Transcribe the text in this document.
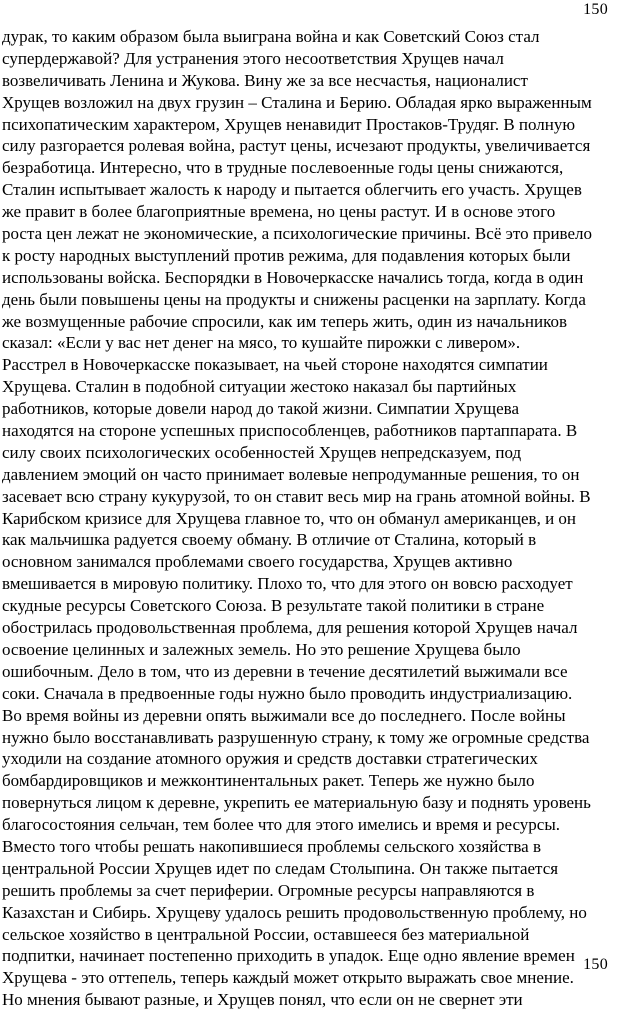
150
дурак, то каким образом была выиграна война и как Советский Союз стал
супердержавой? Для устранения этого несоответствия Хрущев начал
возвеличивать Ленина и Жукова. Вину же за все несчастья, националист
Хрущев возложил на двух грузин – Сталина и Берию. Обладая ярко выраженным
психопатическим характером, Хрущев ненавидит Простаков-Трудяг. В полную
силу разгорается ролевая война, растут цены, исчезают продукты, увеличивается
безработица. Интересно, что в трудные послевоенные годы цены снижаются,
Сталин испытывает жалость к народу и пытается облегчить его участь. Хрущев
же правит в более благоприятные времена, но цены растут. И в основе этого
роста цен лежат не экономические, а психологические причины. Всё это привело
к росту народных выступлений против режима, для подавления которых были
использованы войска. Беспорядки в Новочеркасске начались тогда, когда в один
день были повышены цены на продукты и снижены расценки на зарплату. Когда
же возмущенные рабочие спросили, как им теперь жить, один из начальников
сказал: «Если у вас нет денег на мясо, то кушайте пирожки с ливером».
Расстрел в Новочеркасске показывает, на чьей стороне находятся симпатии
Хрущева. Сталин в подобной ситуации жестоко наказал бы партийных
работников, которые довели народ до такой жизни. Симпатии Хрущева
находятся на стороне успешных приспособленцев, работников партаппарата. В
силу своих психологических особенностей Хрущев непредсказуем, под
давлением эмоций он часто принимает волевые непродуманные решения, то он
засевает всю страну кукурузой, то он ставит весь мир на грань атомной войны. В
Карибском кризисе для Хрущева главное то, что он обманул американцев, и он
как мальчишка радуется своему обману. В отличие от Сталина, который в
основном занимался проблемами своего государства, Хрущев активно
вмешивается в мировую политику. Плохо то, что для этого он вовсю расходует
скудные ресурсы Советского Союза. В результате такой политики в стране
обострилась продовольственная проблема, для решения которой Хрущев начал
освоение целинных и залежных земель. Но это решение Хрущева было
ошибочным. Дело в том, что из деревни в течение десятилетий выжимали все
соки. Сначала в предвоенные годы нужно было проводить индустриализацию.
Во время войны из деревни опять выжимали все до последнего. После войны
нужно было восстанавливать разрушенную страну, к тому же огромные средства
уходили на создание атомного оружия и средств доставки стратегических
бомбардировщиков и межконтинентальных ракет. Теперь же нужно было
повернуться лицом к деревне, укрепить ее материальную базу и поднять уровень
благосостояния сельчан, тем более что для этого имелись и время и ресурсы.
Вместо того чтобы решать накопившиеся проблемы сельского хозяйства в
центральной России Хрущев идет по следам Столыпина. Он также пытается
решить проблемы за счет периферии. Огромные ресурсы направляются в
Казахстан и Сибирь. Хрущеву удалось решить продовольственную проблему, но
сельское хозяйство в центральной России, оставшееся без материальной
подпитки, начинает постепенно приходить в упадок. Еще одно явление времен
Хрущева - это оттепель, теперь каждый может открыто выражать свое мнение.
Но мнения бывают разные, и Хрущев понял, что если он не свернет эти
150
